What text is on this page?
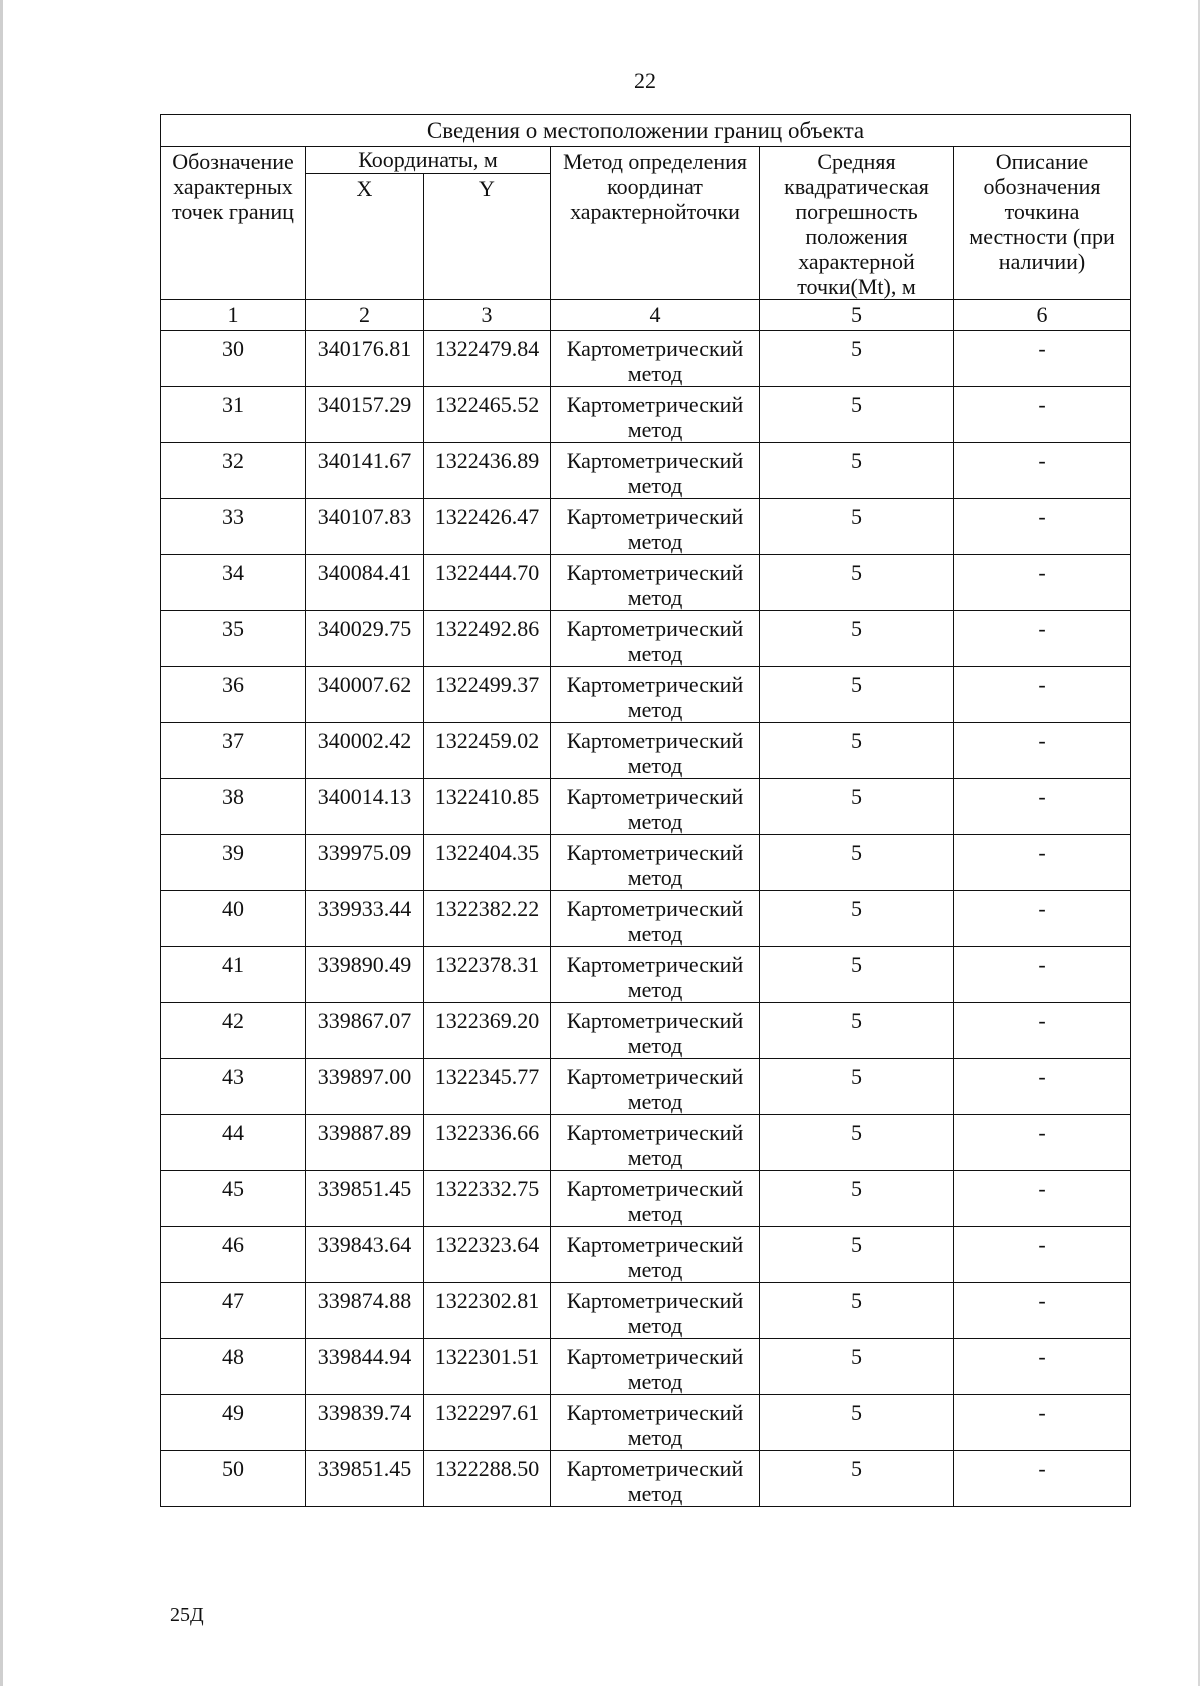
22
Сведения о местоположении границ объекта					
Обозначение характерных точек границ	Координаты, м		Метод определения координат характернойточки	Средняя квадратическая погрешность положения характерной точки(Mt), м	Описание обозначения точкина местности (при наличии)
	X	Y			
1	2	3	4	5	6
30	340176.81	1322479.84	Картометрический метод	5	-
31	340157.29	1322465.52	Картометрический метод	5	-
32	340141.67	1322436.89	Картометрический метод	5	-
33	340107.83	1322426.47	Картометрический метод	5	-
34	340084.41	1322444.70	Картометрический метод	5	-
35	340029.75	1322492.86	Картометрический метод	5	-
36	340007.62	1322499.37	Картометрический метод	5	-
37	340002.42	1322459.02	Картометрический метод	5	-
38	340014.13	1322410.85	Картометрический метод	5	-
39	339975.09	1322404.35	Картометрический метод	5	-
40	339933.44	1322382.22	Картометрический метод	5	-
41	339890.49	1322378.31	Картометрический метод	5	-
42	339867.07	1322369.20	Картометрический метод	5	-
43	339897.00	1322345.77	Картометрический метод	5	-
44	339887.89	1322336.66	Картометрический метод	5	-
45	339851.45	1322332.75	Картометрический метод	5	-
46	339843.64	1322323.64	Картометрический метод	5	-
47	339874.88	1322302.81	Картометрический метод	5	-
48	339844.94	1322301.51	Картометрический метод	5	-
49	339839.74	1322297.61	Картометрический метод	5	-
50	339851.45	1322288.50	Картометрический метод	5	-
25Д
